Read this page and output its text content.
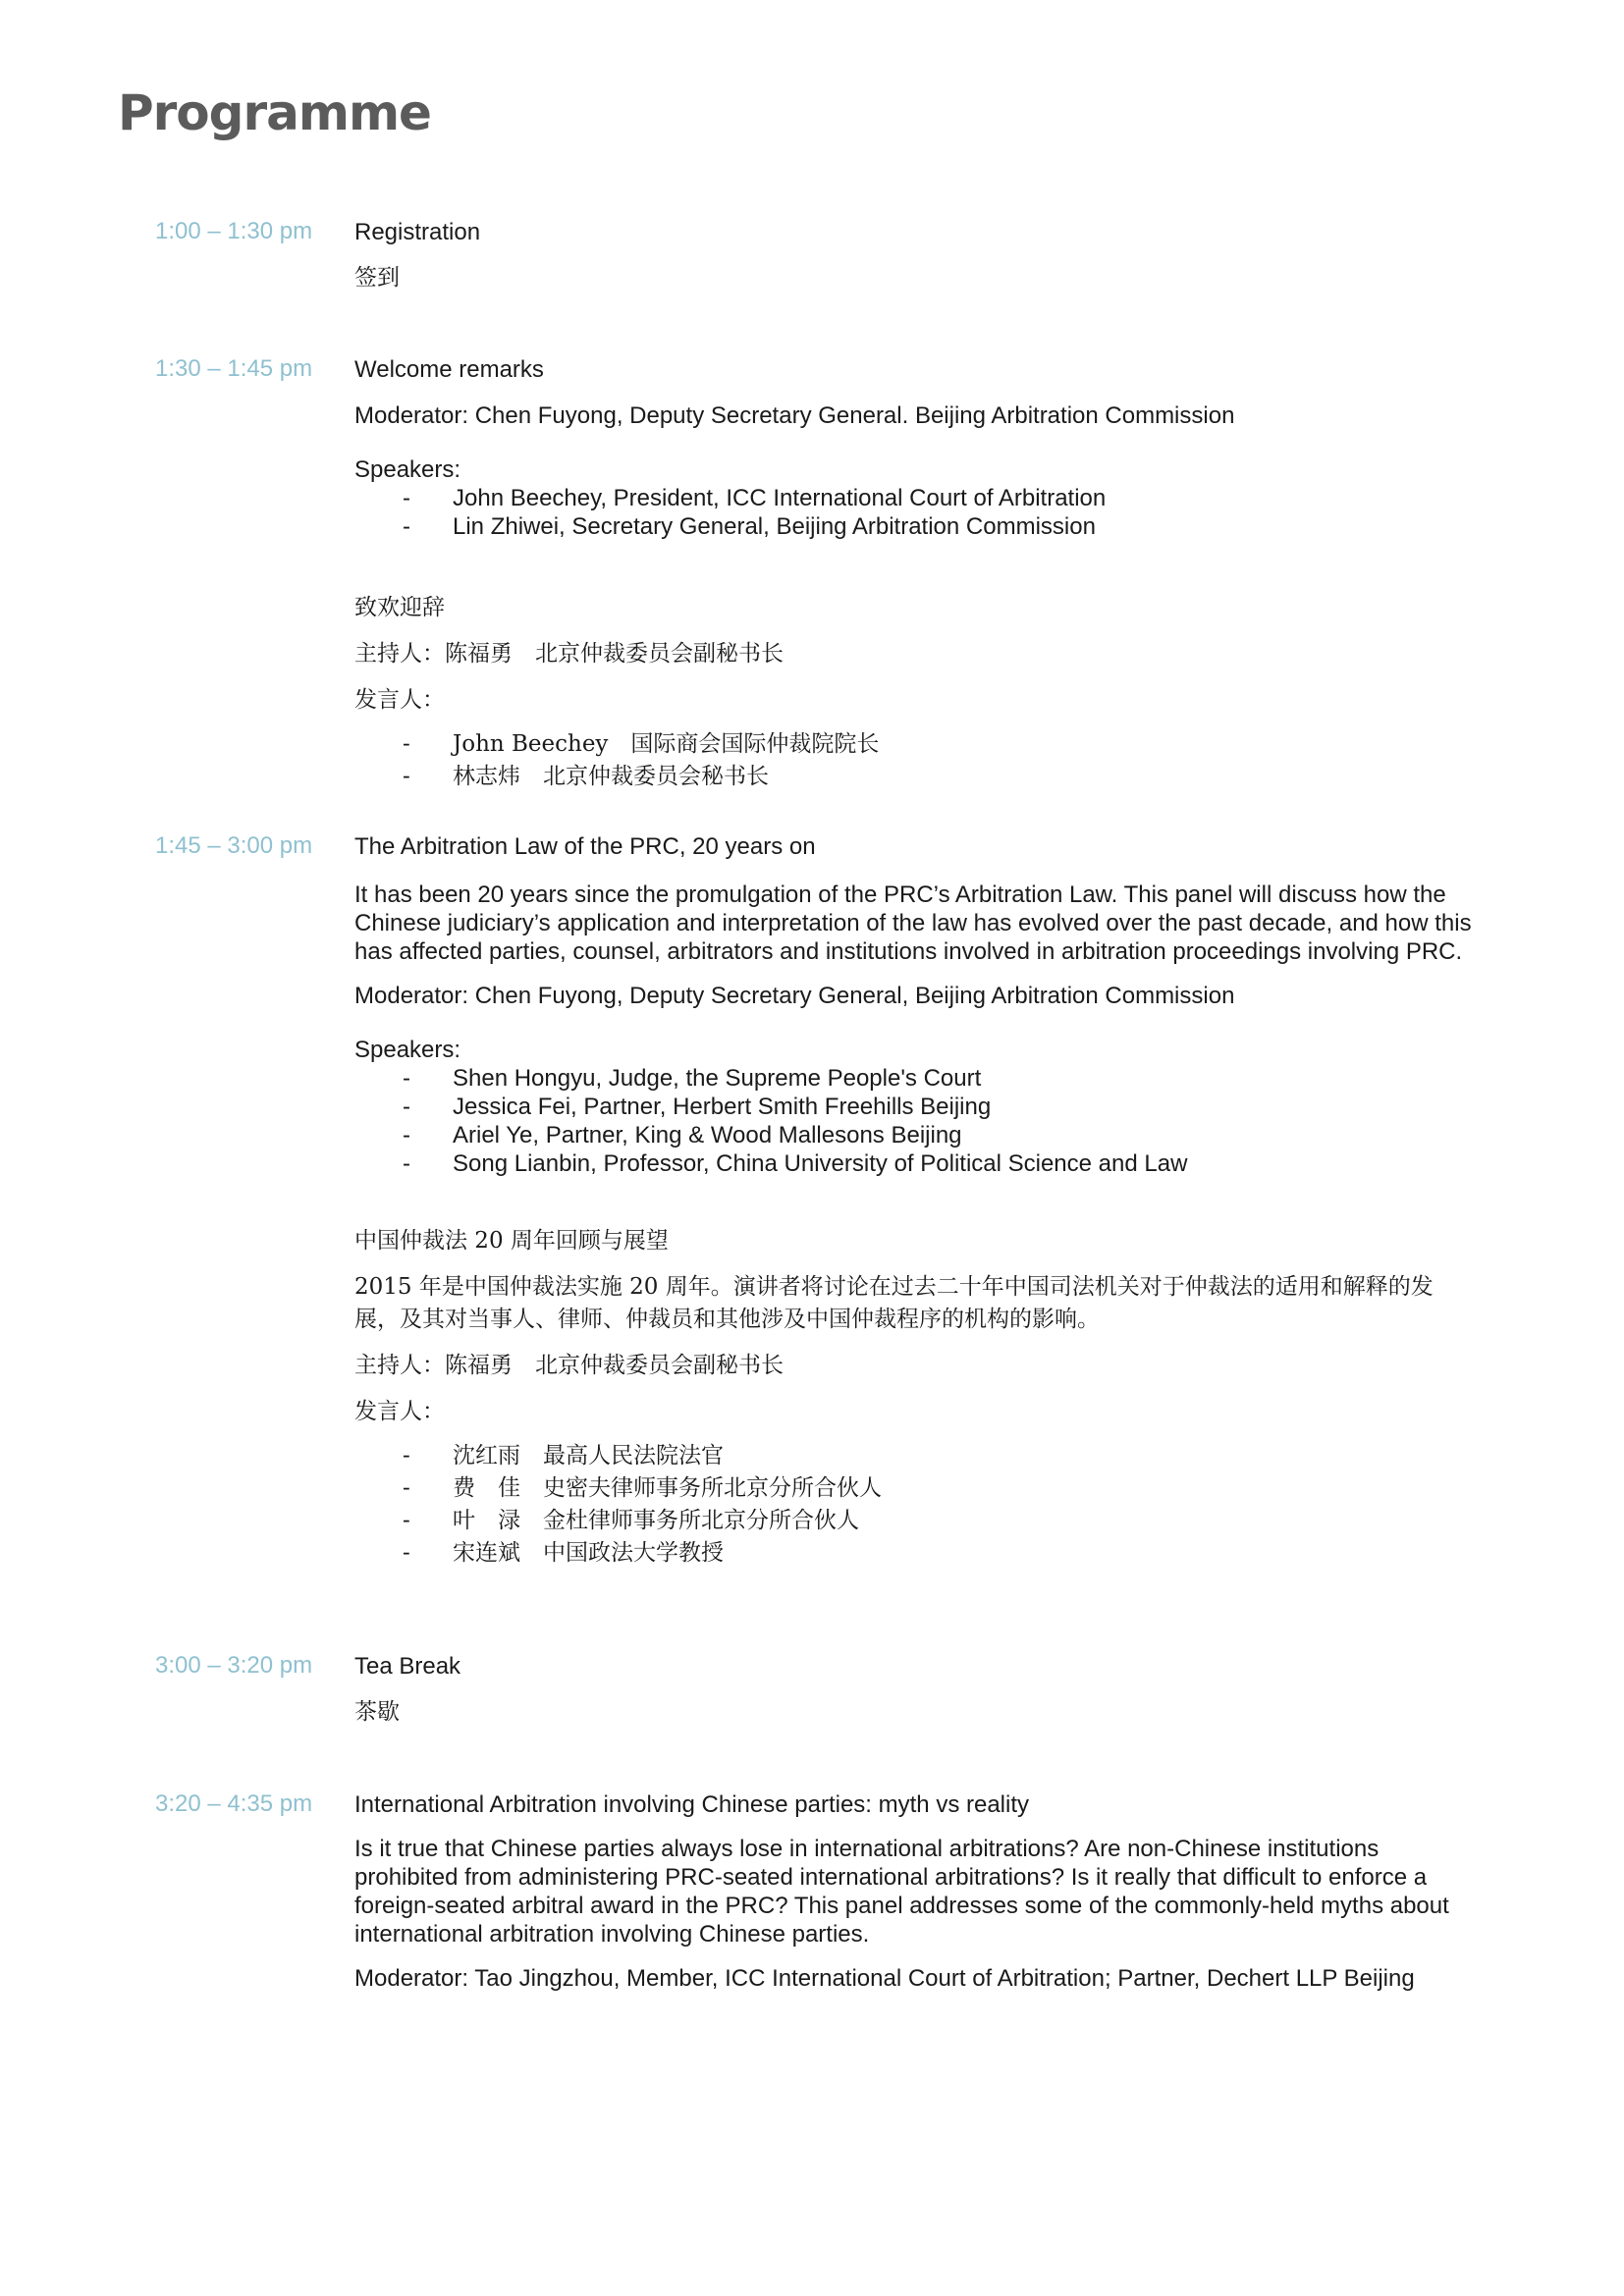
Programme
1:00 – 1:30 pm Registration
签到
1:30 – 1:45 pm Welcome remarks
Moderator: Chen Fuyong, Deputy Secretary General. Beijing Arbitration Commission
Speakers:
- John Beechey, President, ICC International Court of Arbitration
- Lin Zhiwei, Secretary General, Beijing Arbitration Commission
致欢迎辞
主持人：陈福勇　北京仲裁委员会副秘书长
发言人：
- John Beechey　国际商会国际仲裁院院长
- 林志炜　北京仲裁委员会秘书长
1:45 – 3:00 pm The Arbitration Law of the PRC, 20 years on
It has been 20 years since the promulgation of the PRC’s Arbitration Law. This panel will discuss how the Chinese judiciary’s application and interpretation of the law has evolved over the past decade, and how this has affected parties, counsel, arbitrators and institutions involved in arbitration proceedings involving PRC.
Moderator: Chen Fuyong, Deputy Secretary General, Beijing Arbitration Commission
Speakers:
- Shen Hongyu, Judge, the Supreme People's Court
- Jessica Fei, Partner, Herbert Smith Freehills Beijing
- Ariel Ye, Partner, King & Wood Mallesons Beijing
- Song Lianbin, Professor, China University of Political Science and Law
中国仲裁法 20 周年回顾与展望
2015 年是中国仲裁法实施 20 周年。演讲者将讨论在过去二十年中国司法机关对于仲裁法的适用和解释的发展，及其对当事人、律师、仲裁员和其他涉及中国仲裁程序的机构的影响。
主持人：陈福勇　北京仲裁委员会副秘书长
发言人：
- 沈红雨　最高人民法院法官
- 费　佳　史密夫律师事务所北京分所合伙人
- 叶　渌　金杜律师事务所北京分所合伙人
- 宋连斌　中国政法大学教授
3:00 – 3:20 pm Tea Break
茶歇
3:20 – 4:35 pm International Arbitration involving Chinese parties: myth vs reality
Is it true that Chinese parties always lose in international arbitrations? Are non-Chinese institutions prohibited from administering PRC-seated international arbitrations? Is it really that difficult to enforce a foreign-seated arbitral award in the PRC? This panel addresses some of the commonly-held myths about international arbitration involving Chinese parties.
Moderator: Tao Jingzhou, Member, ICC International Court of Arbitration; Partner, Dechert LLP Beijing
